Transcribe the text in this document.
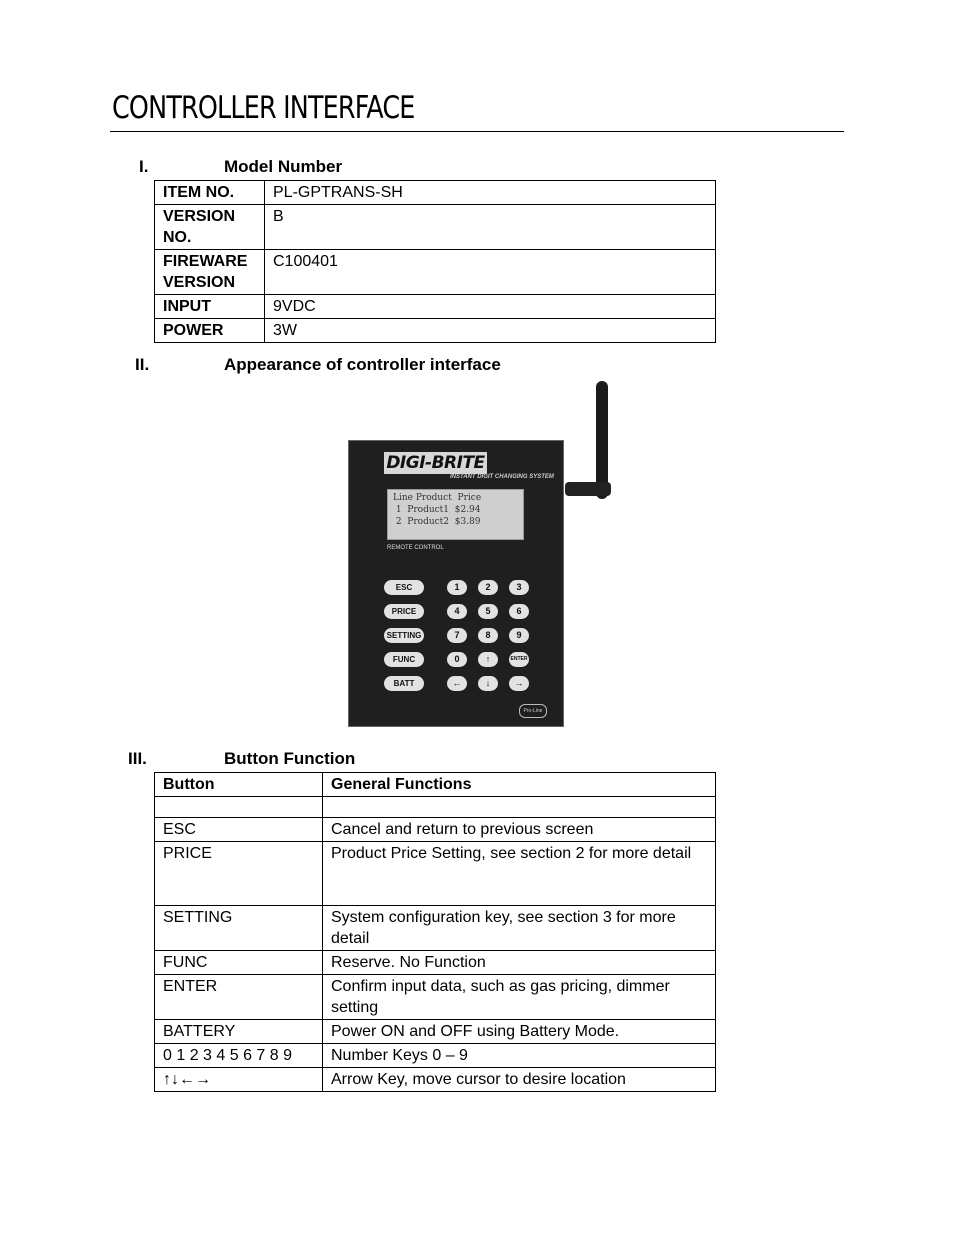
CONTROLLER INTERFACE
I.	Model Number
ITEM NO.	PL-GPTRANS-SH
VERSION
NO.	B
FIREWARE
VERSION	C100401
INPUT	9VDC
POWER	3W
II.	Appearance of controller interface
DIGI-BRITE
INSTANT DIGIT CHANGING SYSTEM
Line Product  Price
1  Product1  $2.94
2  Product2  $3.89
REMOTE CONTROL
ESC
PRICE
SETTING
FUNC
BATT
1	2	3
4	5	6
7	8	9
0	↑	ENTER
←	↓	→
Pro-Line
III.	Button Function
Button	General Functions

ESC	Cancel and return to previous screen
PRICE	Product Price Setting, see section 2 for more detail
SETTING	System configuration key, see section 3 for more detail
FUNC	Reserve. No Function
ENTER	Confirm input data, such as gas pricing, dimmer setting
BATTERY	Power ON and OFF using Battery Mode.
0 1 2 3 4 5 6 7 8 9	Number Keys 0 – 9
↑↓←→	Arrow Key, move cursor to desire location
